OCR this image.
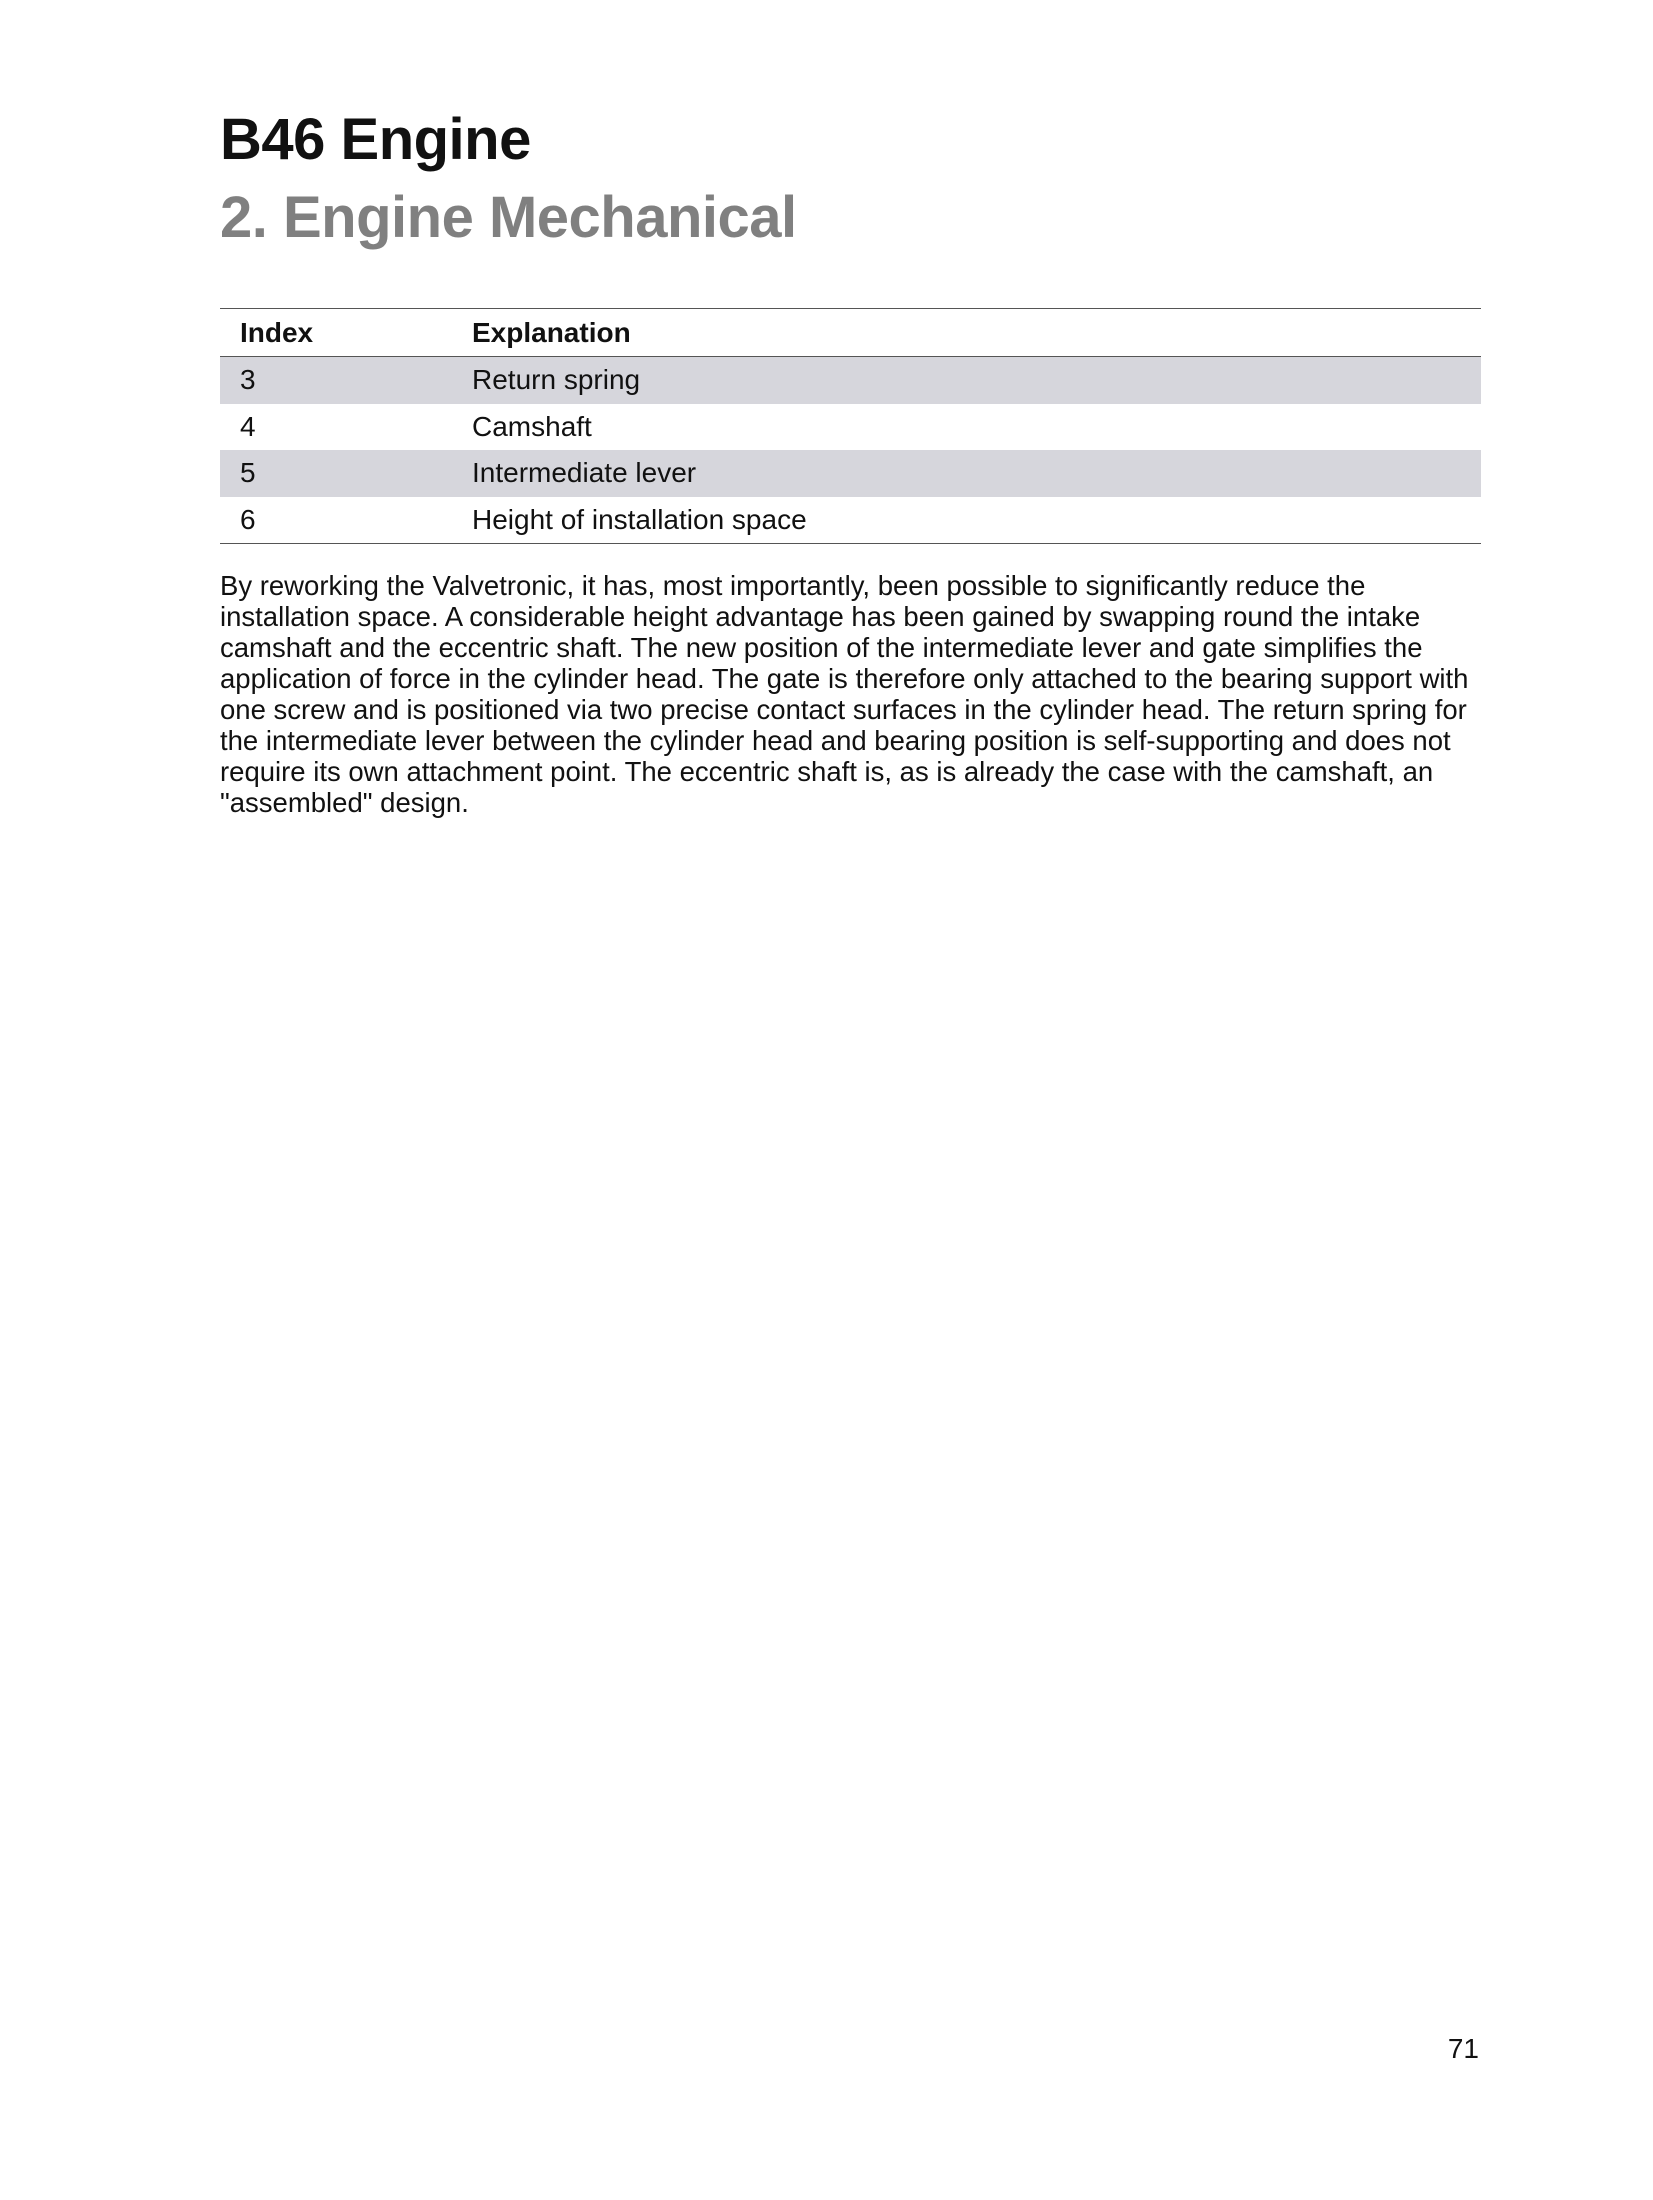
B46 Engine
2. Engine Mechanical
Index	Explanation
3	Return spring
4	Camshaft
5	Intermediate lever
6	Height of installation space

By reworking the Valvetronic, it has, most importantly, been possible to significantly reduce the installation space. A considerable height advantage has been gained by swapping round the intake camshaft and the eccentric shaft. The new position of the intermediate lever and gate simplifies the application of force in the cylinder head. The gate is therefore only attached to the bearing support with one screw and is positioned via two precise contact surfaces in the cylinder head. The return spring for the intermediate lever between the cylinder head and bearing position is self-supporting and does not require its own attachment point. The eccentric shaft is, as is already the case with the camshaft, an "assembled" design.

71
